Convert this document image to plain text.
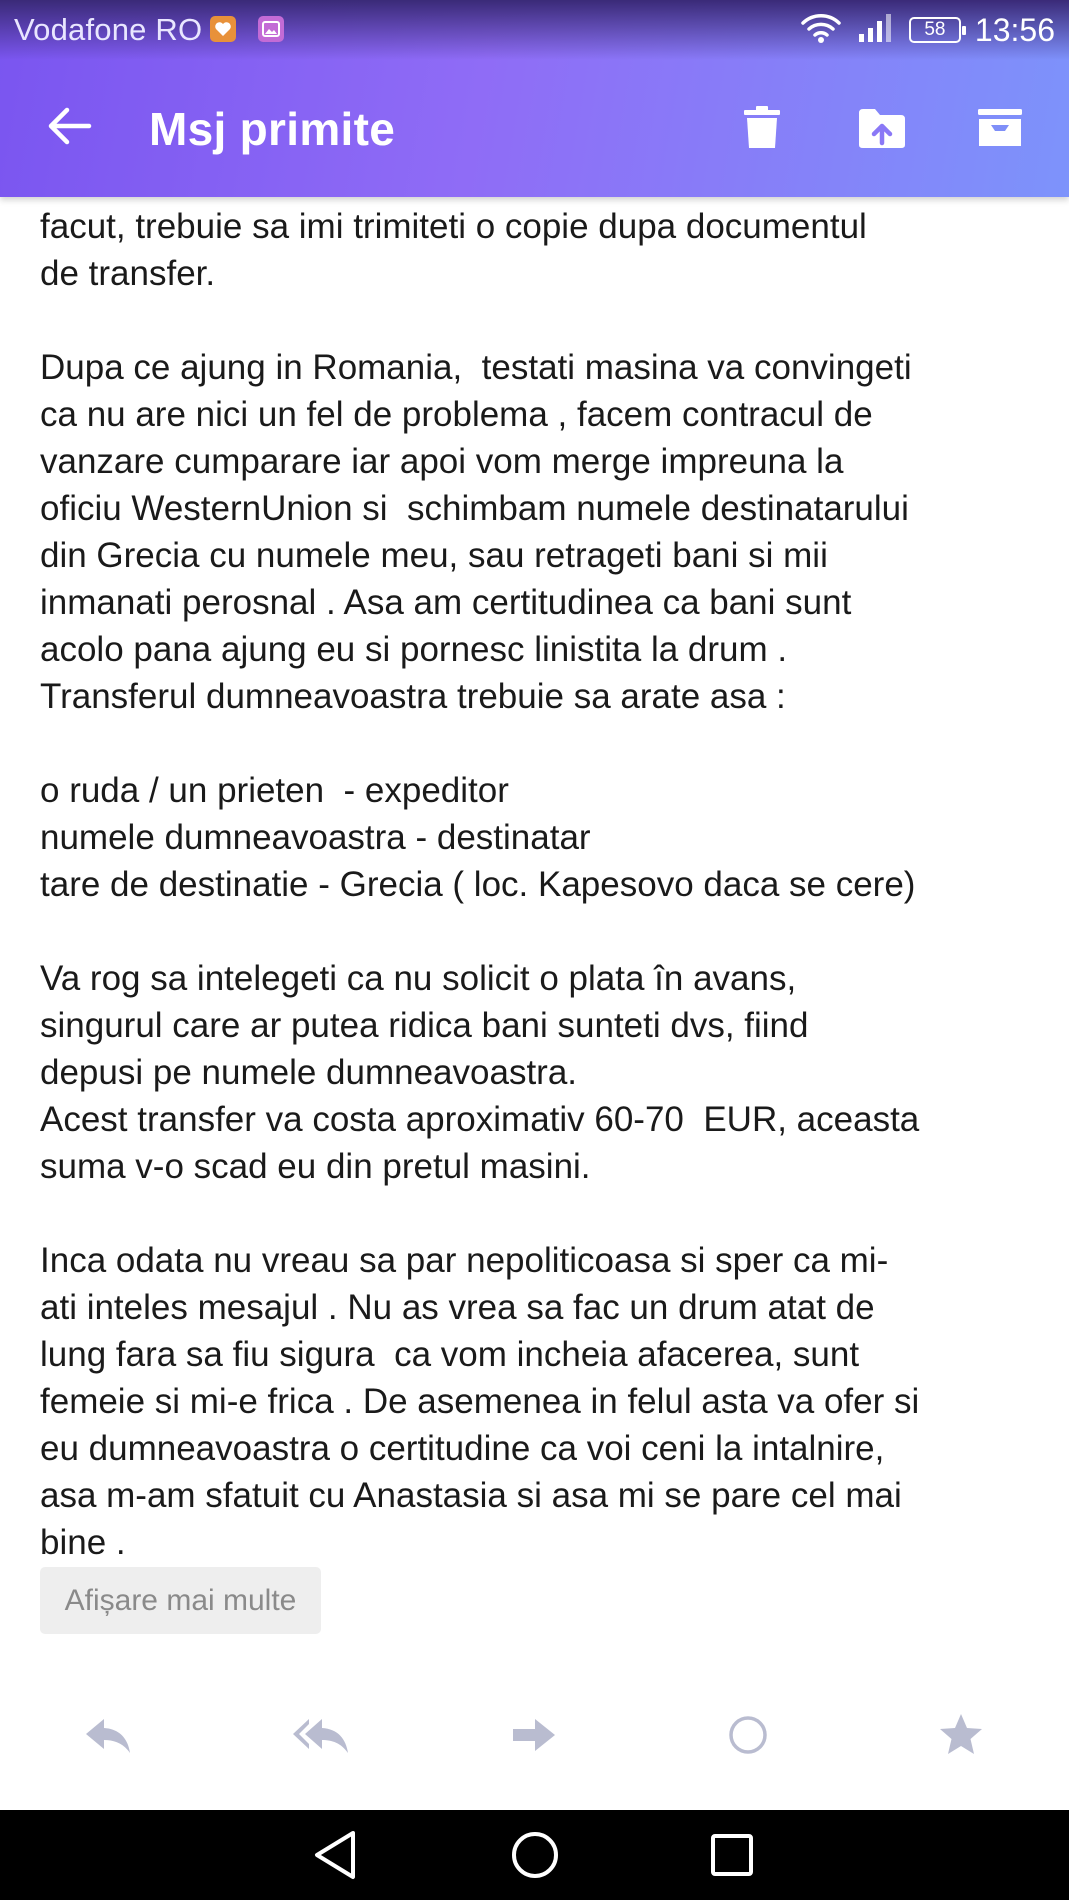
Vodafone RO	58 13:56
Msj primite
facut, trebuie sa imi trimiteti o copie dupa documentul
de transfer.
Dupa ce ajung in Romania,  testati masina va convingeti
ca nu are nici un fel de problema , facem contracul de
vanzare cumparare iar apoi vom merge impreuna la
oficiu WesternUnion si  schimbam numele destinatarului
din Grecia cu numele meu, sau retrageti bani si mii
inmanati perosnal . Asa am certitudinea ca bani sunt
acolo pana ajung eu si pornesc linistita la drum .
Transferul dumneavoastra trebuie sa arate asa :
o ruda / un prieten  - expeditor
numele dumneavoastra - destinatar
tare de destinatie - Grecia ( loc. Kapesovo daca se cere)
Va rog sa intelegeti ca nu solicit o plata în avans,
singurul care ar putea ridica bani sunteti dvs, fiind
depusi pe numele dumneavoastra.
Acest transfer va costa aproximativ 60-70  EUR, aceasta
suma v-o scad eu din pretul masini.
Inca odata nu vreau sa par nepoliticoasa si sper ca mi-
ati inteles mesajul . Nu as vrea sa fac un drum atat de
lung fara sa fiu sigura  ca vom incheia afacerea, sunt
femeie si mi-e frica . De asemenea in felul asta va ofer si
eu dumneavoastra o certitudine ca voi ceni la intalnire,
asa m-am sfatuit cu Anastasia si asa mi se pare cel mai
bine .
Afișare mai multe
